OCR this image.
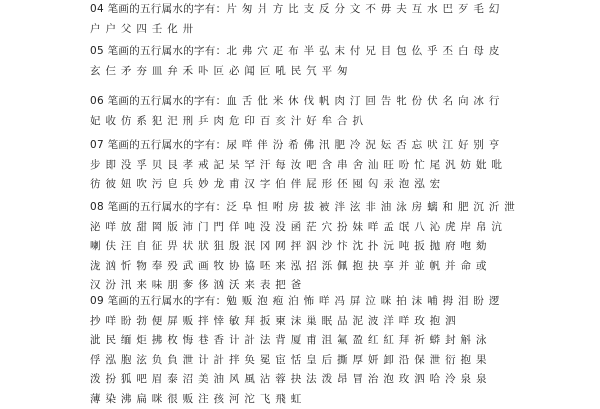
04 笔画的五行属水的字有：片 匆 爿 方 比 支 反 分 文 不 毋 夫 互 水 巴 歹 毛 幻
户 户 父 四 壬 化 卅
05 笔画的五行属水的字有：北 弗 穴 疋 布 半 弘 末 付 兄 目 包 仫 乎 丕 白 母 皮
玄 仨 矛 夯 皿 弁 禾 卟 叵 必 闻 叵 吼 民 氕 平 匆
06 笔画的五行属水的字有：血 舌 仳 米 休 伐 帆 肉 汀 回 告 牝 份 伏 名 向 冰 行
妃 收 仿 系 犯 汜 刑 乒 肉 危 印 百 亥 汁 好 牟 合 扒
07 笔画的五行属水的字有：尿 咩 伴 汾 希 佛 汛 肥 冷 況 妘 否 忘 吠 江 好 别 亨
步 即 没 孚 贝 艮 孝 戒 記 呆 罕 汗 每 汝 吧 含 串 舍 汕 旺 吩 忙 尾 汎 妨 妣 吡
彷 彼 妞 吹 污 皀 兵 妙 龙 甫 汉 字 伯 伴 屁 形 伾 囤 匃 汞 泡 泓 宏
08 笔画的五行属水的字有：泛 阜 怛 咐 房 拔 被 泮 泫 非 油 泳 房 螭 和 肥 沉 沂 泄
泌 咩 放 甜 岡 版 沛 门 門 佯 吨 没 没 函 茫 穴 扮 妹 咩 孟 氓 八 沁 虎 岸 帛 沆
喇 伕 汪 自 征 畀 状 狀 狙 殷 泯 冈 网 抨 泅 沙 忭 沈 扑 沅 吨 扳 抛 府 咆 劾
泷 汹 忻 物 奉 殁 武 画 牧 协 協 呸 来 泓 招 泺 佩 抱 抉 享 并 並 帆 并 命 或
汉 汾 汛 来 味 朋 奓 侈 汹 沃 来 表 把 爸
09 笔画的五行属水的字有：勉 贩 泡 疱 泊 怖 咩 冯 屏 泣 咪 拍 沫 哺 拇 泪 盼 逻
抄 咩 盼 勃 便 屏 贩 拌 悻 敏 拜 扳 柬 沫 巢 眠 品 泥 波 洋 咩 玫 抱 泗
泚 民 缅 炬 拂 枚 悔 巷 香 计 計 法 背 厦 甫 沮 氟 盈 红 紅 拜 祈 蟒 封 斛 泳
俘 泓 胞 泫 负 負 泄 计 計 拌 奂 冕 宦 恬 皇 后 撕 厚 妍 卸 沿 保 泄 衍 抱 果
泼 扮 狐 吧 眉 泰 沼 美 油 风 風 沾 蓉 抉 法 泼 昂 冒 治 泡 玫 泗 哈 泠 泉 泉
薄 染 沸 扁 咪 很 贩 注 孩 河 沱 飞 飛 虹
